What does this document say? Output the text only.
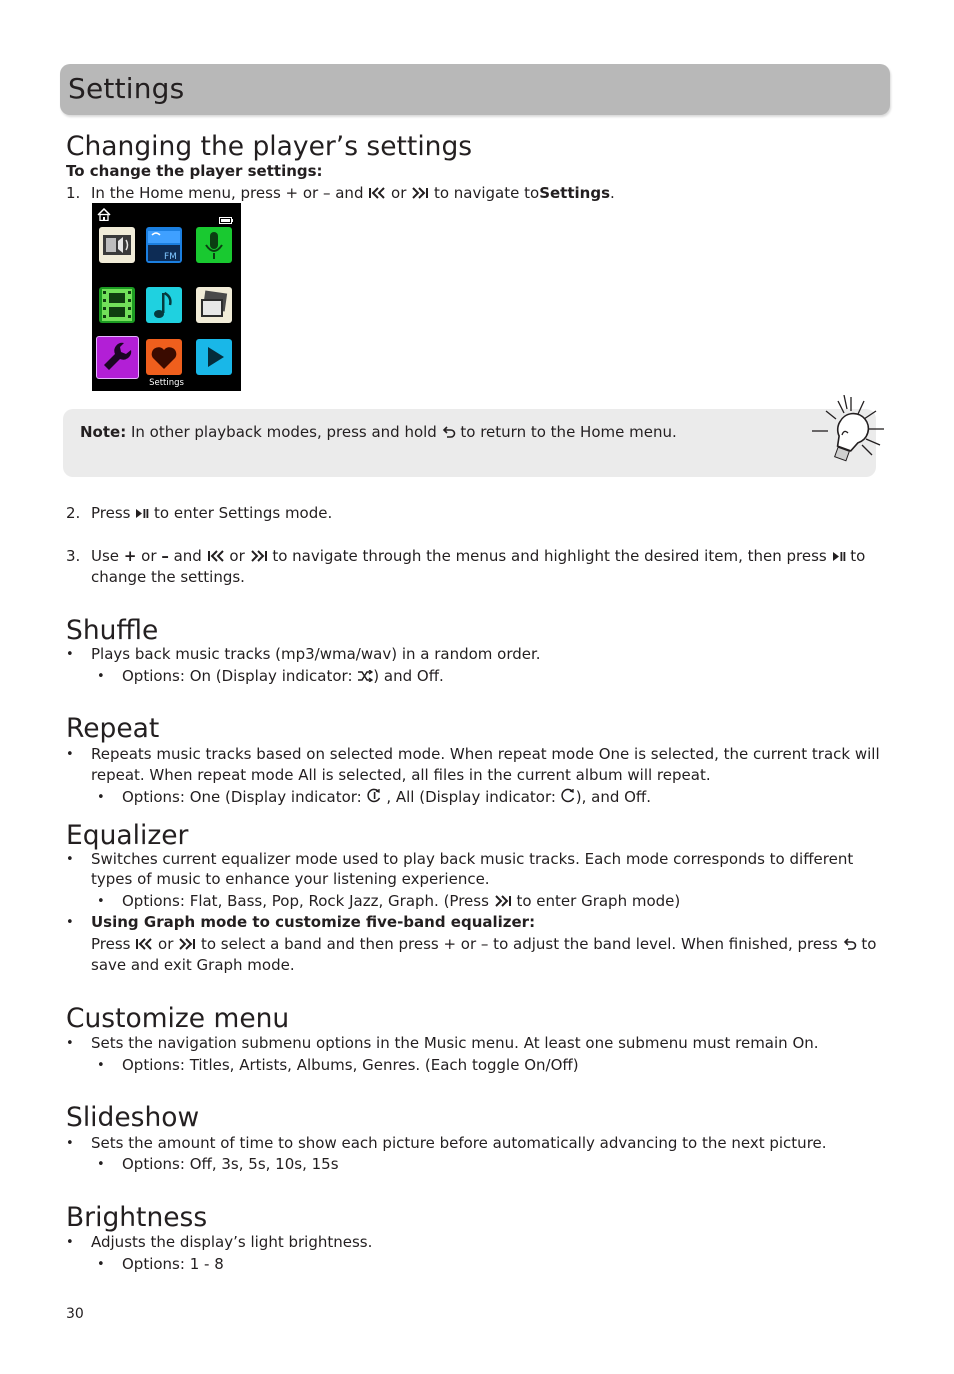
Settings
Changing the player’s settings
To change the player settings:
1. In the Home menu, press + or – and or to navigate toSettings.
FM
Settings
Note: In other playback modes, press and hold to return to the Home menu.
2. Press to enter Settings mode.
3. Use + or – and or to navigate through the menus and highlight the desired item, then press to
change the settings.
Shuffle
• Plays back music tracks (mp3/wma/wav) in a random order.
• Options: On (Display indicator: ) and Off.
Repeat
• Repeats music tracks based on selected mode. When repeat mode One is selected, the current track will
repeat. When repeat mode All is selected, all files in the current album will repeat.
• Options: One (Display indicator: , All (Display indicator: ), and Off.
Equalizer
• Switches current equalizer mode used to play back music tracks. Each mode corresponds to different
types of music to enhance your listening experience.
• Options: Flat, Bass, Pop, Rock Jazz, Graph. (Press to enter Graph mode)
• Using Graph mode to customize five-band equalizer:
Press or to select a band and then press + or – to adjust the band level. When finished, press to
save and exit Graph mode.
Customize menu
• Sets the navigation submenu options in the Music menu. At least one submenu must remain On.
• Options: Titles, Artists, Albums, Genres. (Each toggle On/Off)
Slideshow
• Sets the amount of time to show each picture before automatically advancing to the next picture.
• Options: Off, 3s, 5s, 10s, 15s
Brightness
• Adjusts the display’s light brightness.
• Options: 1 - 8
30
